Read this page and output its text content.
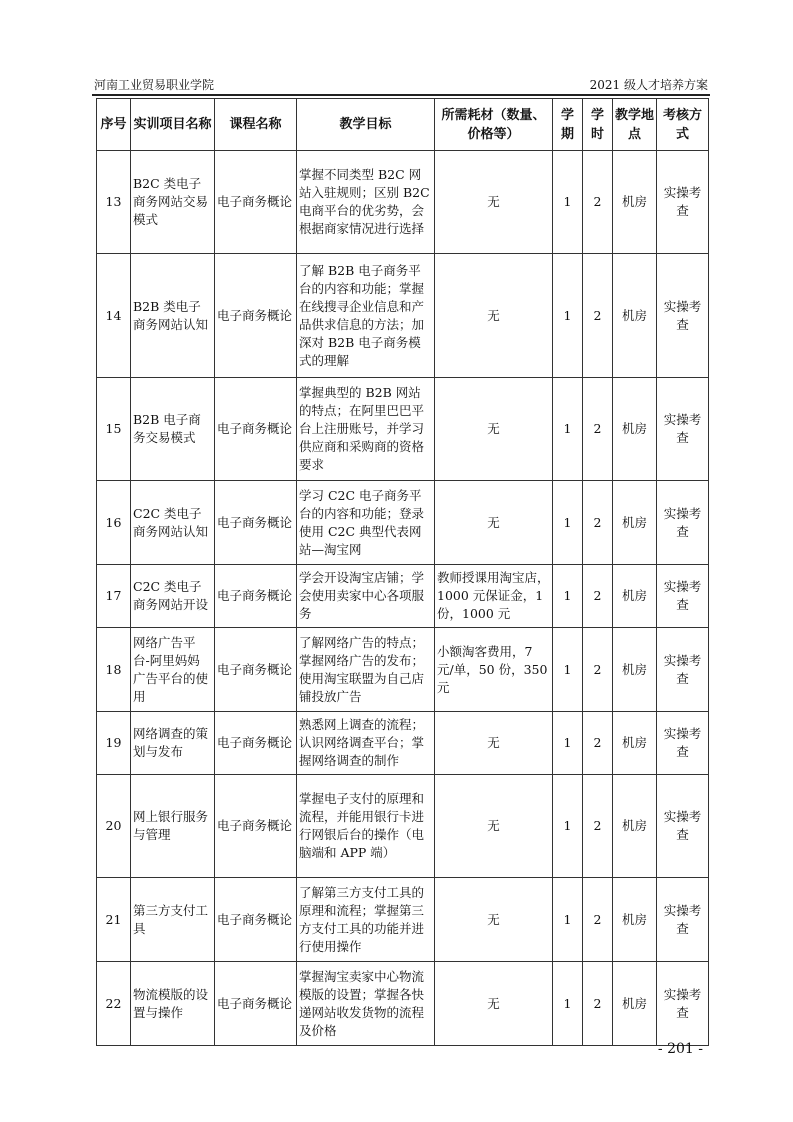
河南工业贸易职业学院	2021 级人才培养方案
序号	实训项目名称	课程名称	教学目标	所需耗材（数量、价格等）	学期	学时	教学地点	考核方式
13	B2C 类电子商务网站交易模式	电子商务概论	掌握不同类型 B2C 网站入驻规则；区别 B2C 电商平台的优劣势，会根据商家情况进行选择	无	1	2	机房	实操考查
14	B2B 类电子商务网站认知	电子商务概论	了解 B2B 电子商务平台的内容和功能；掌握在线搜寻企业信息和产品供求信息的方法；加深对 B2B 电子商务模式的理解	无	1	2	机房	实操考查
15	B2B 电子商务交易模式	电子商务概论	掌握典型的 B2B 网站的特点；在阿里巴巴平台上注册账号，并学习供应商和采购商的资格要求	无	1	2	机房	实操考查
16	C2C 类电子商务网站认知	电子商务概论	学习 C2C 电子商务平台的内容和功能；登录使用 C2C 典型代表网站—淘宝网	无	1	2	机房	实操考查
17	C2C 类电子商务网站开设	电子商务概论	学会开设淘宝店铺；学会使用卖家中心各项服务	教师授课用淘宝店，1000 元保证金，1 份，1000 元	1	2	机房	实操考查
18	网络广告平台-阿里妈妈广告平台的使用	电子商务概论	了解网络广告的特点；掌握网络广告的发布；使用淘宝联盟为自己店铺投放广告	小额淘客费用，7 元/单，50 份，350 元	1	2	机房	实操考查
19	网络调查的策划与发布	电子商务概论	熟悉网上调查的流程；认识网络调查平台；掌握网络调查的制作	无	1	2	机房	实操考查
20	网上银行服务与管理	电子商务概论	掌握电子支付的原理和流程，并能用银行卡进行网银后台的操作（电脑端和 APP 端）	无	1	2	机房	实操考查
21	第三方支付工具	电子商务概论	了解第三方支付工具的原理和流程；掌握第三方支付工具的功能并进行使用操作	无	1	2	机房	实操考查
22	物流模版的设置与操作	电子商务概论	掌握淘宝卖家中心物流模版的设置；掌握各快递网站收发货物的流程及价格	无	1	2	机房	实操考查
- 201 -
